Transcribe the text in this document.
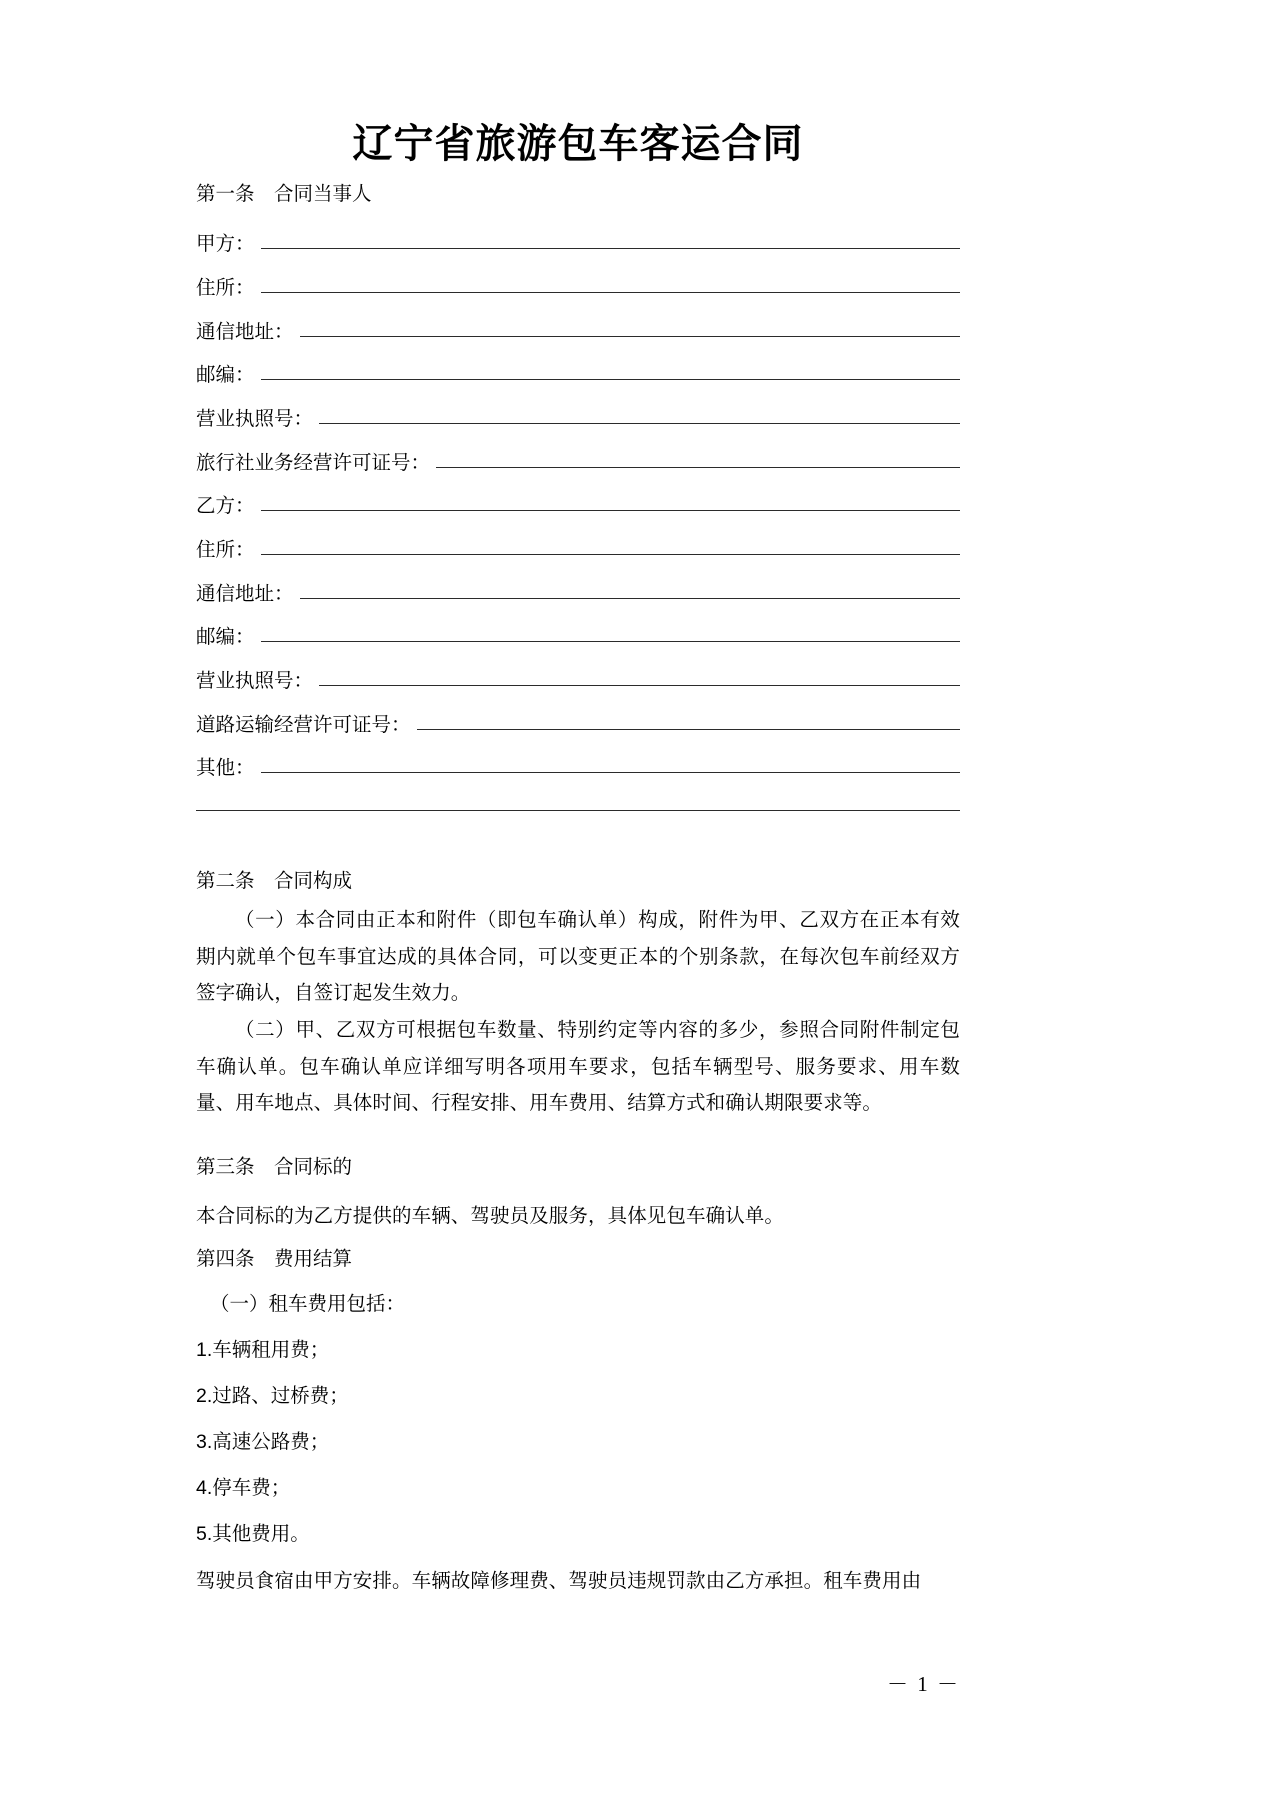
辽宁省旅游包车客运合同
第一条　合同当事人
甲方：
住所：
通信地址：
邮编：
营业执照号：
旅行社业务经营许可证号：
乙方：
住所：
通信地址：
邮编：
营业执照号：
道路运输经营许可证号：
其他：
第二条　合同构成
（一）本合同由正本和附件（即包车确认单）构成，附件为甲、乙双方在正本有效期内就单个包车事宜达成的具体合同，可以变更正本的个别条款，在每次包车前经双方签字确认，自签订起发生效力。
（二）甲、乙双方可根据包车数量、特别约定等内容的多少，参照合同附件制定包车确认单。包车确认单应详细写明各项用车要求，包括车辆型号、服务要求、用车数量、用车地点、具体时间、行程安排、用车费用、结算方式和确认期限要求等。
第三条　合同标的
本合同标的为乙方提供的车辆、驾驶员及服务，具体见包车确认单。
第四条　费用结算
（一）租车费用包括：
1.车辆租用费；
2.过路、过桥费；
3.高速公路费；
4.停车费；
5.其他费用。
驾驶员食宿由甲方安排。车辆故障修理费、驾驶员违规罚款由乙方承担。租车费用由
－ 1 －
